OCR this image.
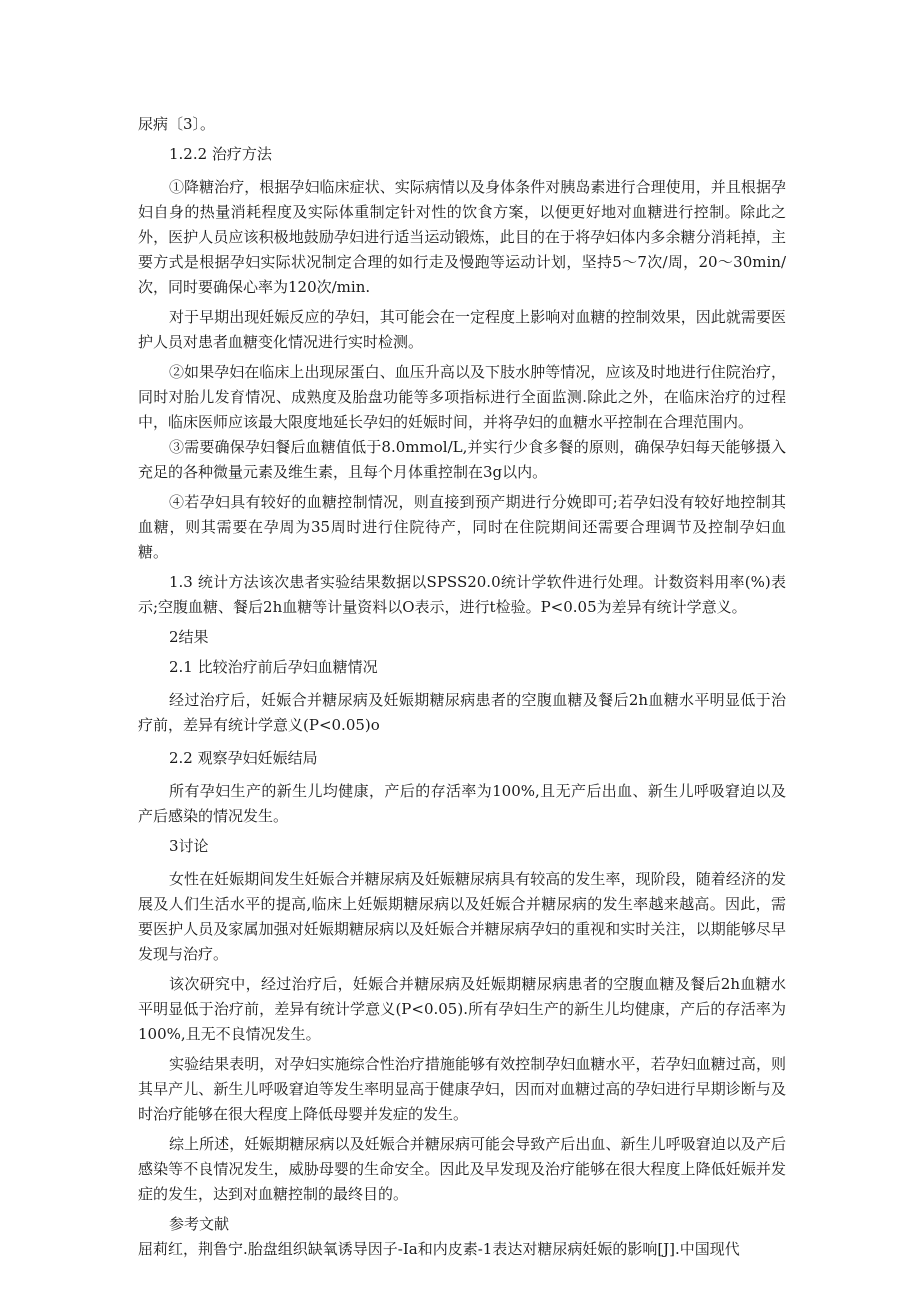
尿病〔3〕。

1.2.2 治疗方法

①降糖治疗，根据孕妇临床症状、实际病情以及身体条件对胰岛素进行合理使用，并且根据孕妇自身的热量消耗程度及实际体重制定针对性的饮食方案，以便更好地对血糖进行控制。除此之外，医护人员应该积极地鼓励孕妇进行适当运动锻炼，此目的在于将孕妇体内多余糖分消耗掉，主要方式是根据孕妇实际状况制定合理的如行走及慢跑等运动计划，坚持5～7次/周，20～30min/次，同时要确保心率为120次/min.

对于早期出现妊娠反应的孕妇，其可能会在一定程度上影响对血糖的控制效果，因此就需要医护人员对患者血糖变化情况进行实时检测。

②如果孕妇在临床上出现尿蛋白、血压升高以及下肢水肿等情况，应该及时地进行住院治疗，同时对胎儿发育情况、成熟度及胎盘功能等多项指标进行全面监测.除此之外，在临床治疗的过程中，临床医师应该最大限度地延长孕妇的妊娠时间，并将孕妇的血糖水平控制在合理范围内。

③需要确保孕妇餐后血糖值低于8.0mmol/L,并实行少食多餐的原则，确保孕妇每天能够摄入充足的各种微量元素及维生素，且每个月体重控制在3g以内。

④若孕妇具有较好的血糖控制情况，则直接到预产期进行分娩即可;若孕妇没有较好地控制其血糖，则其需要在孕周为35周时进行住院待产，同时在住院期间还需要合理调节及控制孕妇血糖。

1.3 统计方法该次患者实验结果数据以SPSS20.0统计学软件进行处理。计数资料用率(%)表示;空腹血糖、餐后2h血糖等计量资料以O表示，进行t检验。P<0.05为差异有统计学意义。

2结果

2.1 比较治疗前后孕妇血糖情况

经过治疗后，妊娠合并糖尿病及妊娠期糖尿病患者的空腹血糖及餐后2h血糖水平明显低于治疗前，差异有统计学意义(P<0.05)o

2.2 观察孕妇妊娠结局

所有孕妇生产的新生儿均健康，产后的存活率为100%,且无产后出血、新生儿呼吸窘迫以及产后感染的情况发生。

3讨论

女性在妊娠期间发生妊娠合并糖尿病及妊娠糖尿病具有较高的发生率，现阶段，随着经济的发展及人们生活水平的提高,临床上妊娠期糖尿病以及妊娠合并糖尿病的发生率越来越高。因此，需要医护人员及家属加强对妊娠期糖尿病以及妊娠合并糖尿病孕妇的重视和实时关注，以期能够尽早发现与治疗。

该次研究中，经过治疗后，妊娠合并糖尿病及妊娠期糖尿病患者的空腹血糖及餐后2h血糖水平明显低于治疗前，差异有统计学意义(P<0.05).所有孕妇生产的新生儿均健康，产后的存活率为100%,且无不良情况发生。

实验结果表明，对孕妇实施综合性治疗措施能够有效控制孕妇血糖水平，若孕妇血糖过高，则其早产儿、新生儿呼吸窘迫等发生率明显高于健康孕妇，因而对血糖过高的孕妇进行早期诊断与及时治疗能够在很大程度上降低母婴并发症的发生。

综上所述，妊娠期糖尿病以及妊娠合并糖尿病可能会导致产后出血、新生儿呼吸窘迫以及产后感染等不良情况发生，威胁母婴的生命安全。因此及早发现及治疗能够在很大程度上降低妊娠并发症的发生，达到对血糖控制的最终目的。

参考文献

屈莉红，荆鲁宁.胎盘组织缺氧诱导因子-Ia和内皮素-1表达对糖尿病妊娠的影响[J].中国现代
